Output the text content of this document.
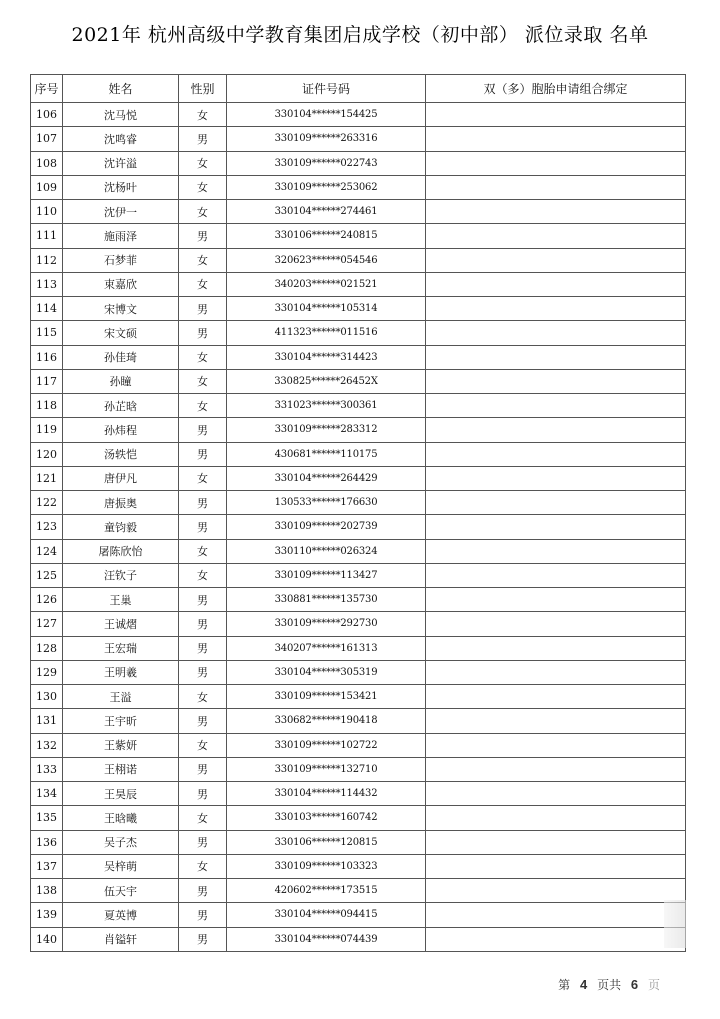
2021年 杭州高级中学教育集团启成学校（初中部） 派位录取 名单
序号	姓名	性别	证件号码	双（多）胞胎申请组合绑定
106	沈马悦	女	330104******154425	
107	沈鸣睿	男	330109******263316	
108	沈许溢	女	330109******022743	
109	沈杨叶	女	330109******253062	
110	沈伊一	女	330104******274461	
111	施雨泽	男	330106******240815	
112	石梦菲	女	320623******054546	
113	束嘉欣	女	340203******021521	
114	宋博文	男	330104******105314	
115	宋文硕	男	411323******011516	
116	孙佳琦	女	330104******314423	
117	孙瞳	女	330825******26452X	
118	孙芷晗	女	331023******300361	
119	孙炜程	男	330109******283312	
120	汤轶恺	男	430681******110175	
121	唐伊凡	女	330104******264429	
122	唐振奥	男	130533******176630	
123	童钧毅	男	330109******202739	
124	屠陈欣怡	女	330110******026324	
125	汪钦子	女	330109******113427	
126	王巢	男	330881******135730	
127	王诚熠	男	330109******292730	
128	王宏瑞	男	340207******161313	
129	王明羲	男	330104******305319	
130	王溢	女	330109******153421	
131	王宇昕	男	330682******190418	
132	王紫妍	女	330109******102722	
133	王栩诺	男	330109******132710	
134	王昊辰	男	330104******114432	
135	王晗曦	女	330103******160742	
136	吴子杰	男	330106******120815	
137	吴梓萌	女	330109******103323	
138	伍天宇	男	420602******173515	
139	夏英博	男	330104******094415	
140	肖镒轩	男	330104******074439	
第 4 页共 6 页
